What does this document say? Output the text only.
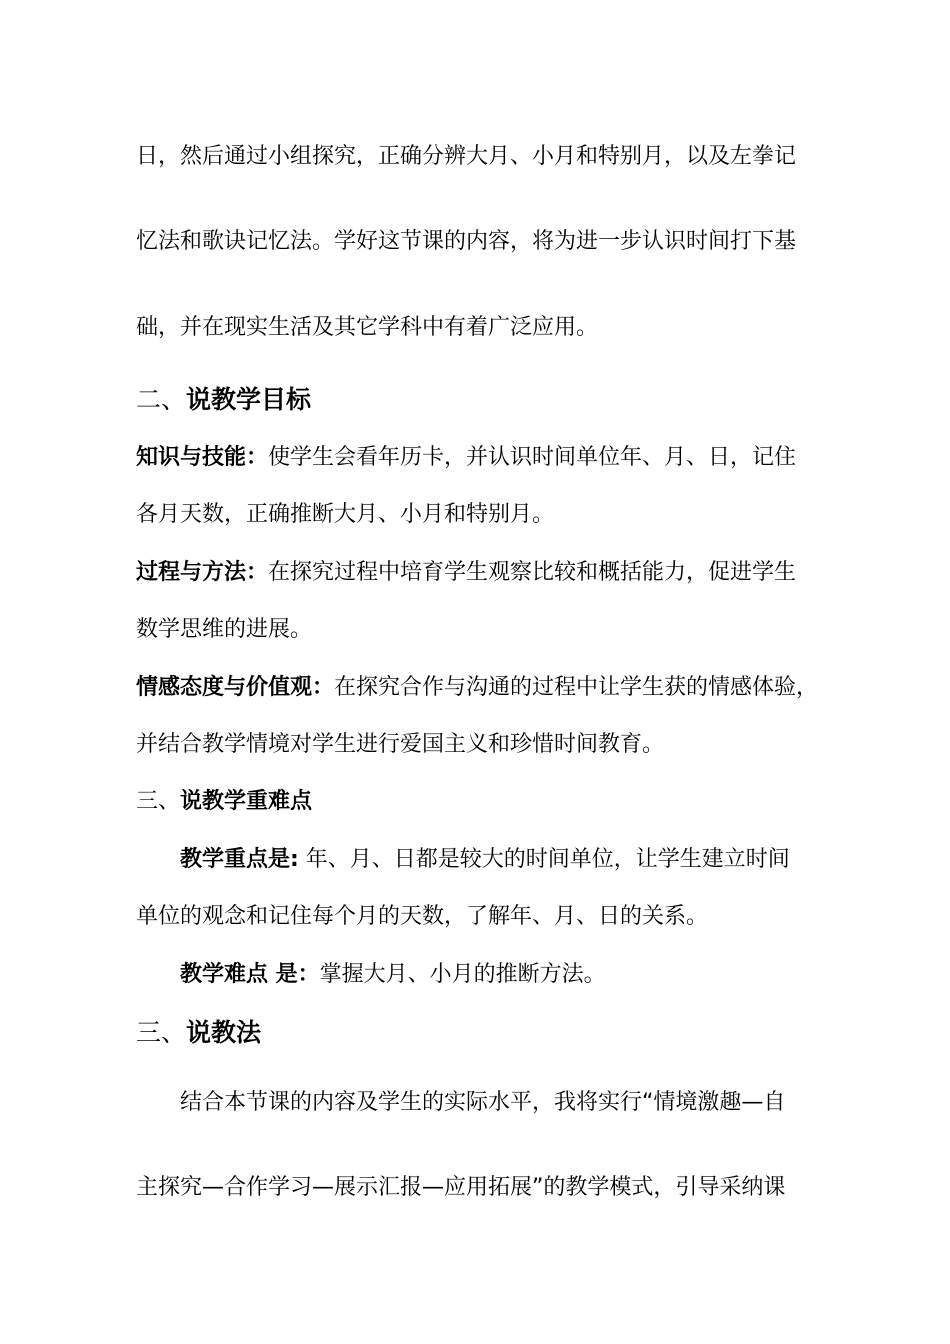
日，然后通过小组探究，正确分辨大月、小月和特别月，以及左拳记
忆法和歌诀记忆法。学好这节课的内容，将为进一步认识时间打下基
础，并在现实生活及其它学科中有着广泛应用。
二、说教学目标
知识与技能：使学生会看年历卡，并认识时间单位年、月、日，记住
各月天数，正确推断大月、小月和特别月。
过程与方法：在探究过程中培育学生观察比较和概括能力，促进学生
数学思维的进展。
情感态度与价值观：在探究合作与沟通的过程中让学生获的情感体验，
并结合教学情境对学生进行爱国主义和珍惜时间教育。
三、说教学重难点
教学重点是: 年、月、日都是较大的时间单位，让学生建立时间
单位的观念和记住每个月的天数，了解年、月、日的关系。
教学难点 是：掌握大月、小月的推断方法。
三、说教法
结合本节课的内容及学生的实际水平，我将实行“情境激趣—自
主探究—合作学习—展示汇报—应用拓展”的教学模式，引导采纳课
